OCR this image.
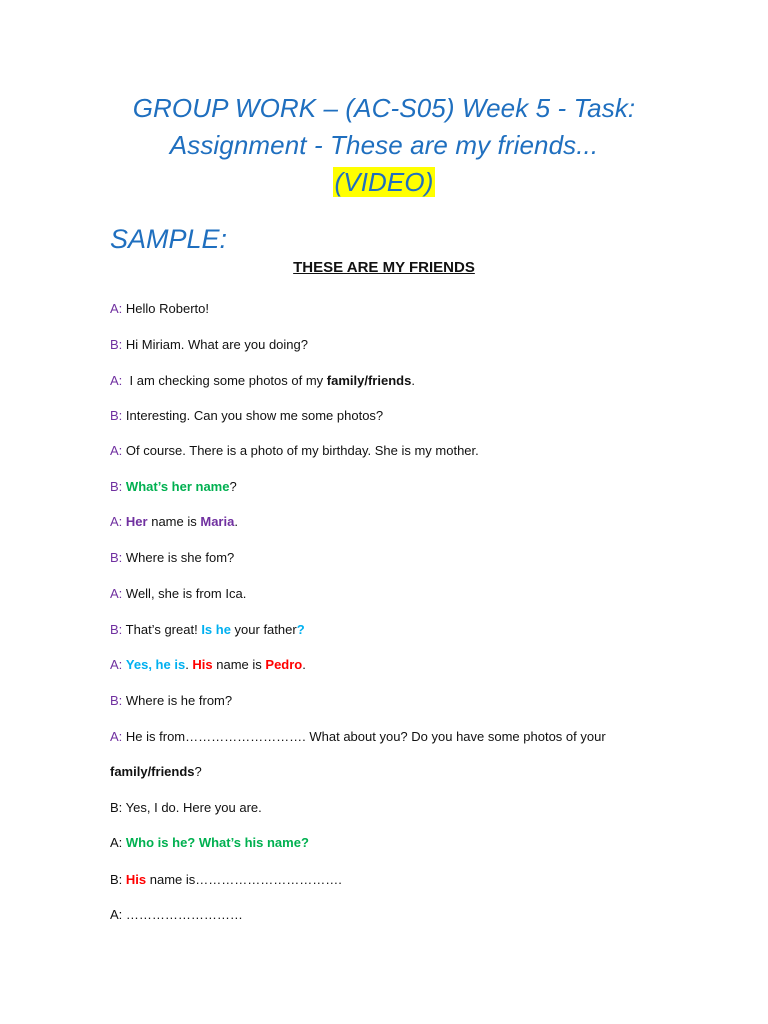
GROUP WORK – (AC-S05) Week 5 - Task:
Assignment - These are my friends...
(VIDEO)
SAMPLE:
THESE ARE MY FRIENDS
A: Hello Roberto!
B: Hi Miriam. What are you doing?
A:  I am checking some photos of my family/friends.
B: Interesting. Can you show me some photos?
A: Of course. There is a photo of my birthday. She is my mother.
B: What’s her name?
A: Her name is Maria.
B: Where is she fom?
A: Well, she is from Ica.
B: That’s great! Is he your father?
A: Yes, he is. His name is Pedro.
B: Where is he from?
A: He is from………………………. What about you? Do you have some photos of your
family/friends?
B: Yes, I do. Here you are.
A: Who is he? What’s his name?
B: His name is…………………………….
A: ………………………
